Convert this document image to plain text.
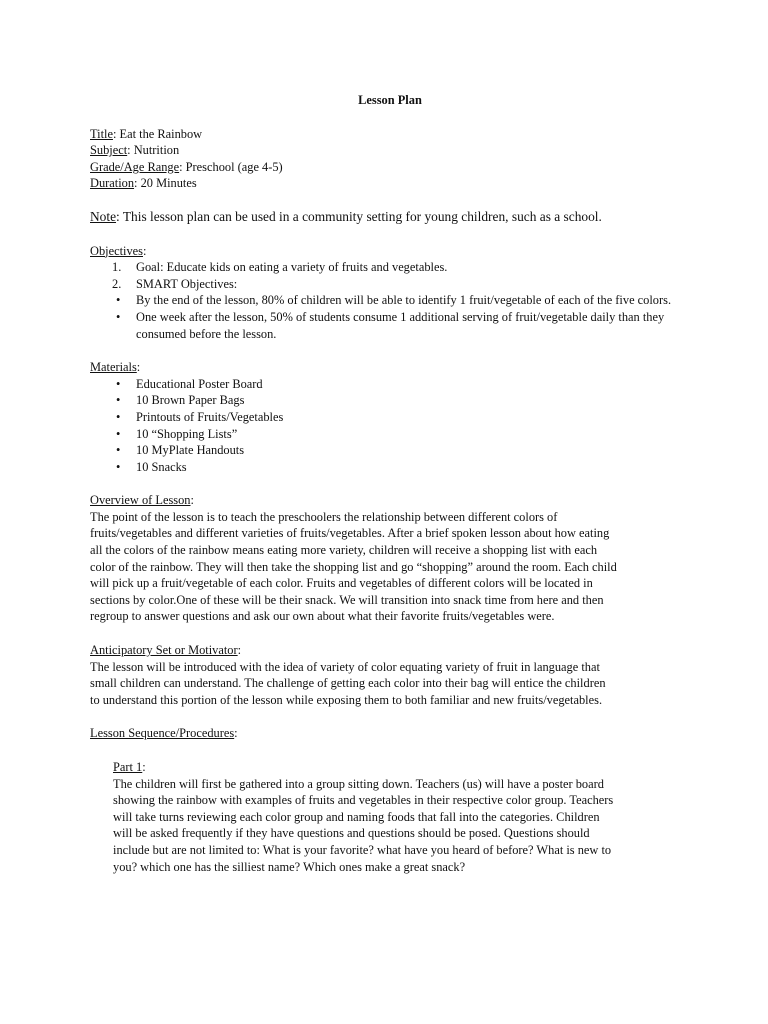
Lesson Plan

Title: Eat the Rainbow

Subject: Nutrition

Grade/Age Range: Preschool (age 4-5)

Duration: 20 Minutes

Note: This lesson plan can be used in a community setting for young children, such as a school.

Objectives:

1. Goal: Educate kids on eating a variety of fruits and vegetables.

2. SMART Objectives:

• By the end of the lesson, 80% of children will be able to identify 1 fruit/vegetable of each of the five colors.

• One week after the lesson, 50% of students consume 1 additional serving of fruit/vegetable daily than they consumed before the lesson.

Materials:

• Educational Poster Board

• 10 Brown Paper Bags

• Printouts of Fruits/Vegetables

• 10 “Shopping Lists”

• 10 MyPlate Handouts

• 10 Snacks

Overview of Lesson:

The point of the lesson is to teach the preschoolers the relationship between different colors of

fruits/vegetables and different varieties of fruits/vegetables. After a brief spoken lesson about how eating

all the colors of the rainbow means eating more variety, children will receive a shopping list with each

color of the rainbow. They will then take the shopping list and go “shopping” around the room. Each child

will pick up a fruit/vegetable of each color. Fruits and vegetables of different colors will be located in

sections by color.One of these will be their snack. We will transition into snack time from here and then

regroup to answer questions and ask our own about what their favorite fruits/vegetables were.

Anticipatory Set or Motivator:

The lesson will be introduced with the idea of variety of color equating variety of fruit in language that

small children can understand. The challenge of getting each color into their bag will entice the children

to understand this portion of the lesson while exposing them to both familiar and new fruits/vegetables.

Lesson Sequence/Procedures:

Part 1:

The children will first be gathered into a group sitting down. Teachers (us) will have a poster board

showing the rainbow with examples of fruits and vegetables in their respective color group. Teachers

will take turns reviewing each color group and naming foods that fall into the categories. Children

will be asked frequently if they have questions and questions should be posed. Questions should

include but are not limited to: What is your favorite? what have you heard of before? What is new to

you? which one has the silliest name? Which ones make a great snack?
